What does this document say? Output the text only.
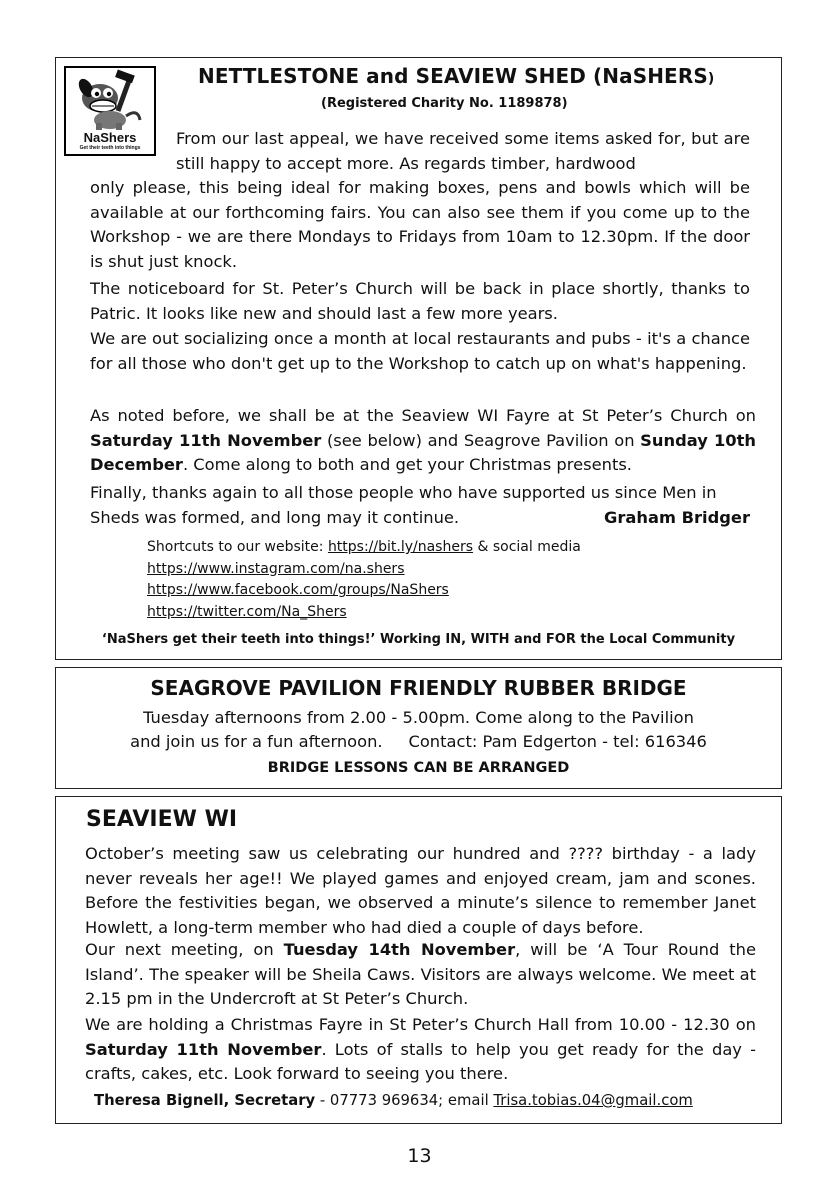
NaShers
Get their teeth into things
NETTLESTONE and SEAVIEW SHED (NaSHERS)
(Registered Charity No. 1189878)

From our last appeal, we have received some items asked for, but are still happy to accept more. As regards timber, hardwood

only please, this being ideal for making boxes, pens and bowls which will be available at our forthcoming fairs. You can also see them if you come up to the Workshop - we are there Mondays to Fridays from 10am to 12.30pm. If the door is shut just knock.

The noticeboard for St. Peter’s Church will be back in place shortly, thanks to Patric. It looks like new and should last a few more years.

We are out socializing once a month at local restaurants and pubs - it's a chance for all those who don't get up to the Workshop to catch up on what's happening.

As noted before, we shall be at the Seaview WI Fayre at St Peter’s Church on Saturday 11th November (see below) and Seagrove Pavilion on Sunday 10th December. Come along to both and get your Christmas presents.

Finally, thanks again to all those people who have supported us since Men in Sheds was formed, and long may it continue.	Graham Bridger

Shortcuts to our website: https://bit.ly/nashers & social media
https://www.instagram.com/na.shers
https://www.facebook.com/groups/NaShers
https://twitter.com/Na_Shers
‘NaShers get their teeth into things!’ Working IN, WITH and FOR the Local Community
SEAGROVE PAVILION FRIENDLY RUBBER BRIDGE
Tuesday afternoons from 2.00 - 5.00pm. Come along to the Pavilion
and join us for a fun afternoon.     Contact: Pam Edgerton - tel: 616346
BRIDGE LESSONS CAN BE ARRANGED
SEAVIEW WI

October’s meeting saw us celebrating our hundred and ???? birthday - a lady never reveals her age!! We played games and enjoyed cream, jam and scones. Before the festivities began, we observed a minute’s silence to remember Janet Howlett, a long-term member who had died a couple of days before.

Our next meeting, on Tuesday 14th November, will be ‘A Tour Round the Island’. The speaker will be Sheila Caws. Visitors are always welcome. We meet at 2.15 pm in the Undercroft at St Peter’s Church.

We are holding a Christmas Fayre in St Peter’s Church Hall from 10.00 - 12.30 on Saturday 11th November. Lots of stalls to help you get ready for the day - crafts, cakes, etc. Look forward to seeing you there.

Theresa Bignell, Secretary - 07773 969634; email Trisa.tobias.04@gmail.com
13
